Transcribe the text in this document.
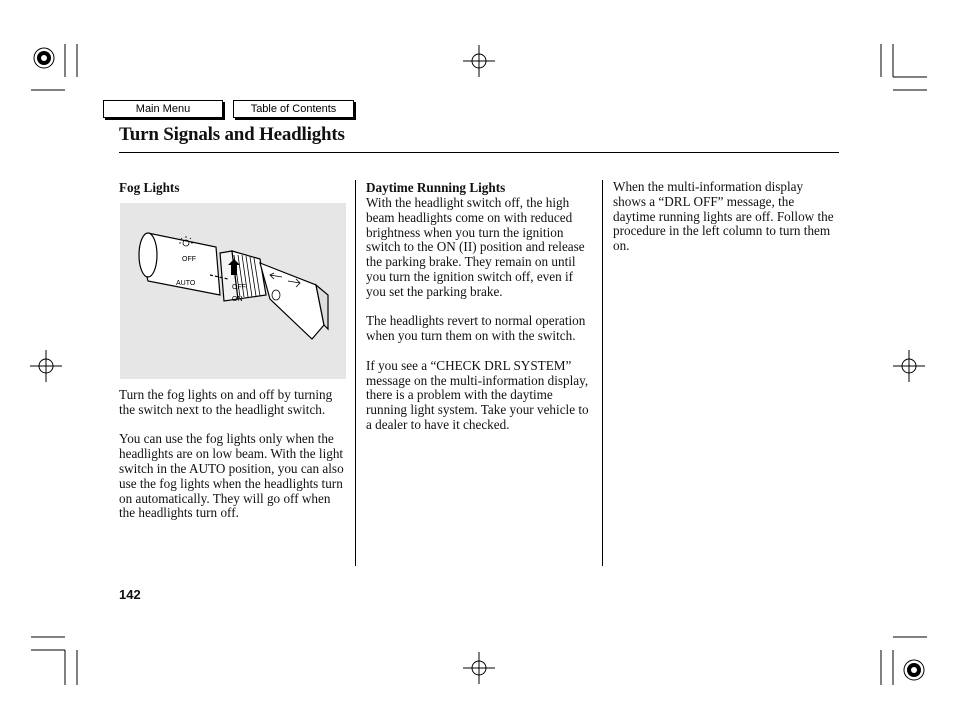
Main Menu	Table of Contents
Turn Signals and Headlights
Fog Lights
OFF
AUTO
OFF
ON

Turn the fog lights on and off by turning the switch next to the headlight switch.

You can use the fog lights only when the headlights are on low beam. With the light switch in the AUTO position, you can also use the fog lights when the headlights turn on automatically. They will go off when the headlights turn off.

Daytime Running Lights

With the headlight switch off, the high beam headlights come on with reduced brightness when you turn the ignition switch to the ON (II) position and release the parking brake. They remain on until you turn the ignition switch off, even if you set the parking brake.

The headlights revert to normal operation when you turn them on with the switch.

If you see a “CHECK DRL SYSTEM” message on the multi-information display, there is a problem with the daytime running light system. Take your vehicle to a dealer to have it checked.

When the multi-information display shows a “DRL OFF” message, the daytime running lights are off. Follow the procedure in the left column to turn them on.

142
